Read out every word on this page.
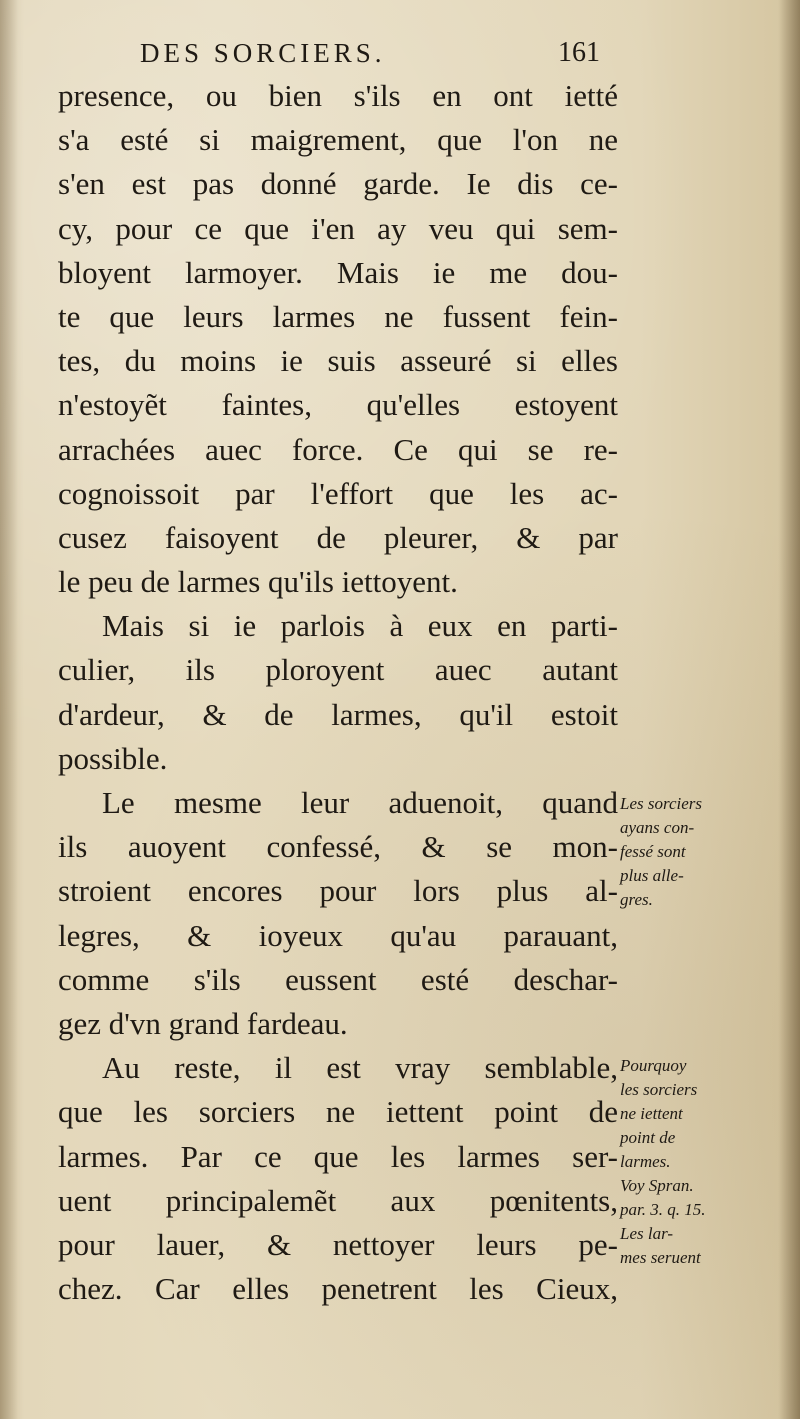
DES SORCIERS.	161
presence, ou bien s'ils en ont ietté
s'a esté si maigrement, que l'on ne
s'en est pas donné garde. Ie dis ce-
cy, pour ce que i'en ay veu qui sem-
bloyent larmoyer. Mais ie me dou-
te que leurs larmes ne fussent fein-
tes, du moins ie suis asseuré si elles
n'estoyẽt faintes, qu'elles estoyent
arrachées auec force. Ce qui se re-
cognoissoit par l'effort que les ac-
cusez faisoyent de pleurer, & par
le peu de larmes qu'ils iettoyent.
Mais si ie parlois à eux en parti-
culier, ils ploroyent auec autant
d'ardeur, & de larmes, qu'il estoit
possible.
Le mesme leur aduenoit, quand
ils auoyent confessé, & se mon-
stroient encores pour lors plus al-
legres, & ioyeux qu'au parauant,
comme s'ils eussent esté deschar-
gez d'vn grand fardeau.
Au reste, il est vray semblable,
que les sorciers ne iettent point de
larmes. Par ce que les larmes ser-
uent principalemẽt aux pœnitents,
pour lauer, & nettoyer leurs pe-
chez. Car elles penetrent les Cieux,
Les sorciers
ayans con-
fessé sont
plus alle-
gres.
Pourquoy
les sorciers
ne iettent
point de
larmes.
Voy Spran.
par. 3. q. 15.
Les lar-
mes seruent
